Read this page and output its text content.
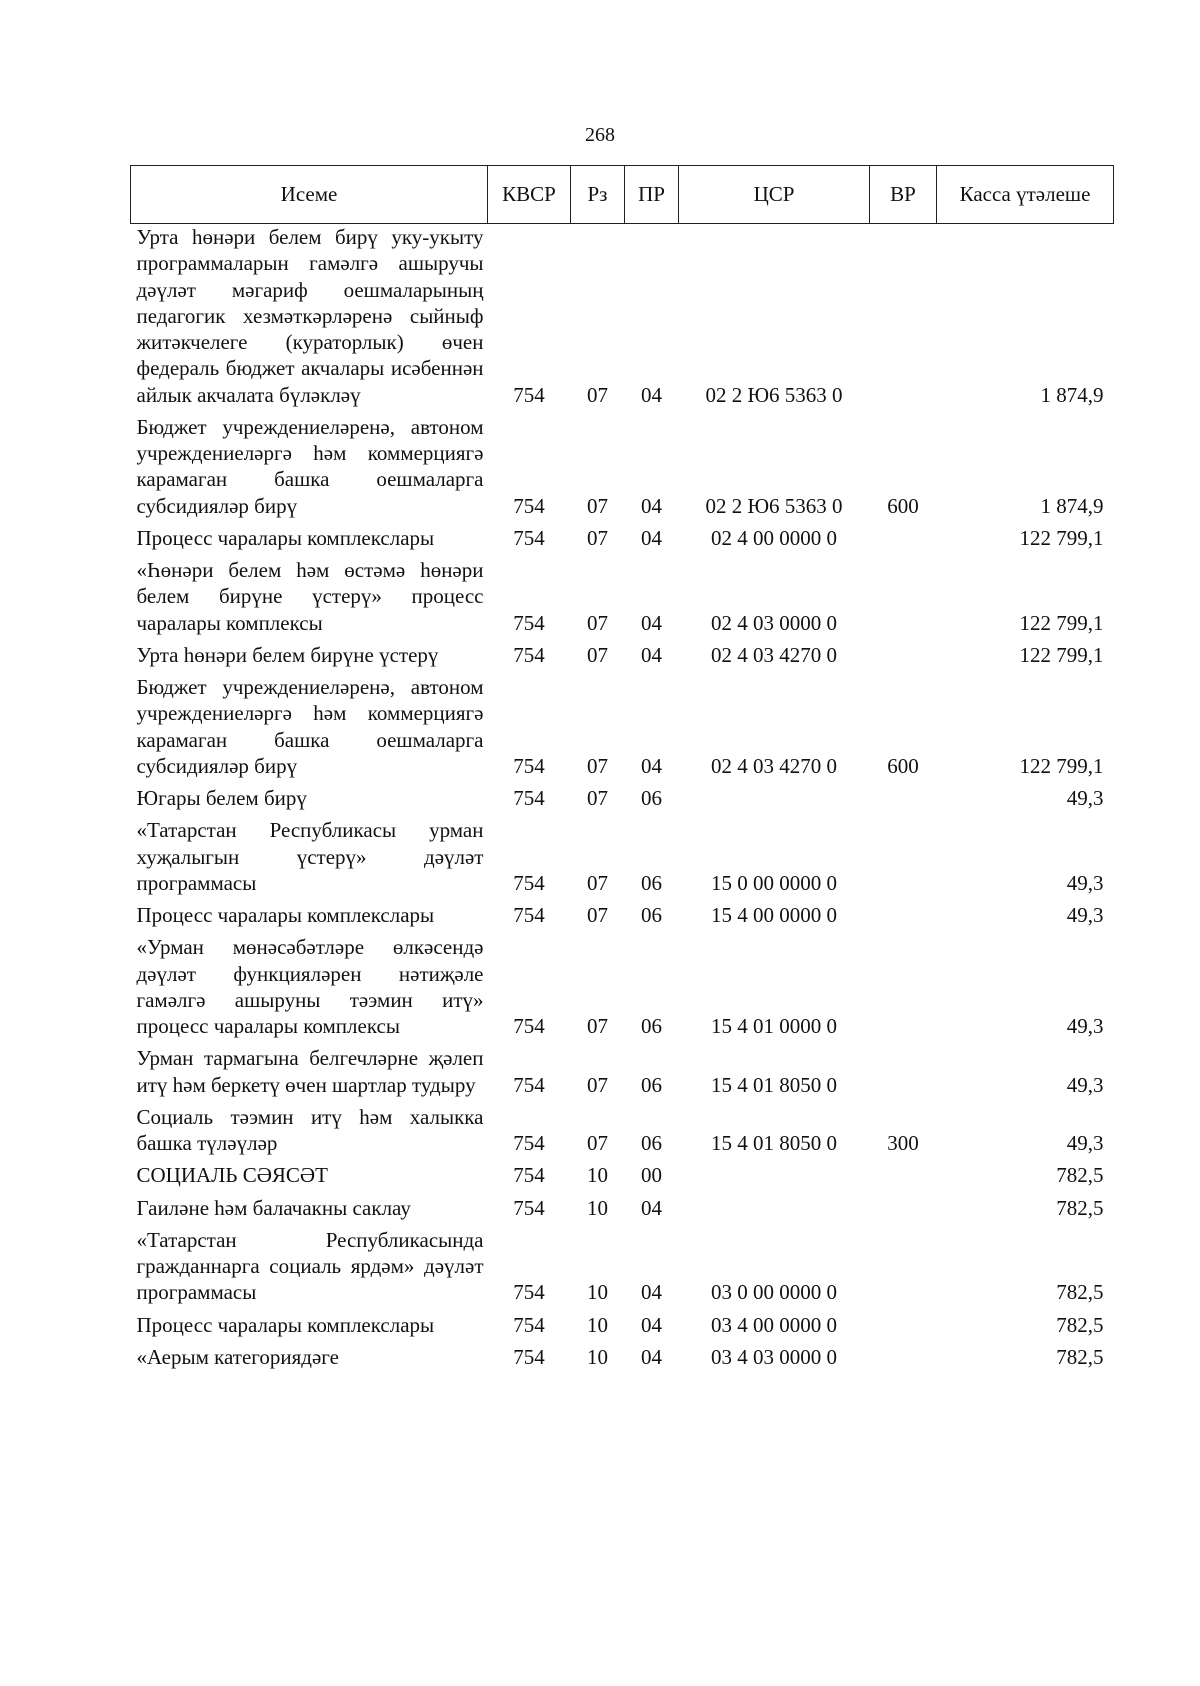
268
Исеме	КВСР	Рз	ПР	ЦСР	ВР	Касса үтәлеше

Урта һөнәри белем бирү уку-укыту программаларын гамәлгә ашыручы дәүләт мәгариф оешмаларының педагогик хезмәткәрләренә сыйныф житәкчелеге (кураторлык) өчен федераль бюджет акчалары исәбеннән айлык акчалата бүләкләү	754	07	04	02 2 Ю6 5363 0		1 874,9

Бюджет учреждениеләренә, автоном учреждениеләргә һәм коммерциягә карамаган башка оешмаларга субсидияләр бирү	754	07	04	02 2 Ю6 5363 0	600	1 874,9

Процесс чаралары комплекслары	754	07	04	02 4 00 0000 0		122 799,1

«Һөнәри белем һәм өстәмә һөнәри белем бирүне үстерү» процесс чаралары комплексы	754	07	04	02 4 03 0000 0		122 799,1

Урта һөнәри белем бирүне үстерү	754	07	04	02 4 03 4270 0		122 799,1

Бюджет учреждениеләренә, автоном учреждениеләргә һәм коммерциягә карамаган башка оешмаларга субсидияләр бирү	754	07	04	02 4 03 4270 0	600	122 799,1

Югары белем бирү	754	07	06			49,3

«Татарстан Республикасы урман хуҗалыгын үстерү» дәүләт программасы	754	07	06	15 0 00 0000 0		49,3

Процесс чаралары комплекслары	754	07	06	15 4 00 0000 0		49,3

«Урман мөнәсәбәтләре өлкәсендә дәүләт функцияләрен нәтиҗәле гамәлгә ашыруны тәэмин итү» процесс чаралары комплексы	754	07	06	15 4 01 0000 0		49,3

Урман тармагына белгечләрне җәлеп итү һәм беркетү өчен шартлар тудыру	754	07	06	15 4 01 8050 0		49,3

Социаль тәэмин итү һәм халыкка башка түләүләр	754	07	06	15 4 01 8050 0	300	49,3

СОЦИАЛЬ СӘЯСӘТ	754	10	00			782,5

Гаиләне һәм балачакны саклау	754	10	04			782,5

«Татарстан Республикасында гражданнарга социаль ярдәм» дәүләт программасы	754	10	04	03 0 00 0000 0		782,5

Процесс чаралары комплекслары	754	10	04	03 4 00 0000 0		782,5

«Аерым категориядәге	754	10	04	03 4 03 0000 0		782,5
